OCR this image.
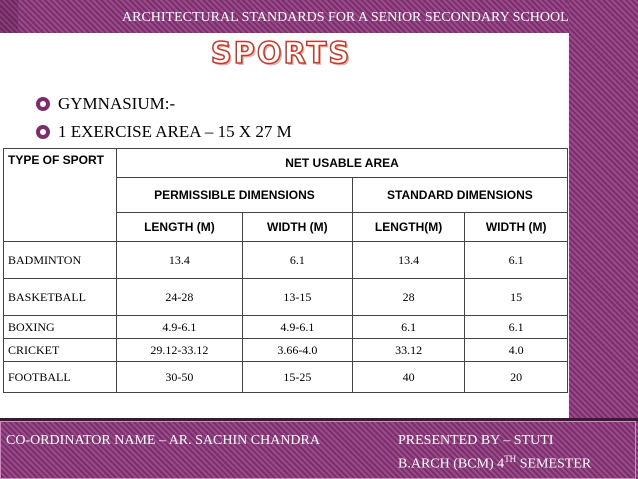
ARCHITECTURAL STANDARDS FOR A SENIOR SECONDARY SCHOOL
SPORTS
GYMNASIUM:-
1 EXERCISE AREA – 15 X 27 M
TYPE OF SPORT	NET USABLE AREA			
	PERMISSIBLE DIMENSIONS		STANDARD DIMENSIONS	
	LENGTH (M)	WIDTH (M)	LENGTH(M)	WIDTH (M)
BADMINTON	13.4	6.1	13.4	6.1
BASKETBALL	24-28	13-15	28	15
BOXING	4.9-6.1	4.9-6.1	6.1	6.1
CRICKET	29.12-33.12	3.66-4.0	33.12	4.0
FOOTBALL	30-50	15-25	40	20
CO-ORDINATOR NAME – AR. SACHIN CHANDRA	PRESENTED BY – STUTI
B.ARCH (BCM) 4TH SEMESTER
